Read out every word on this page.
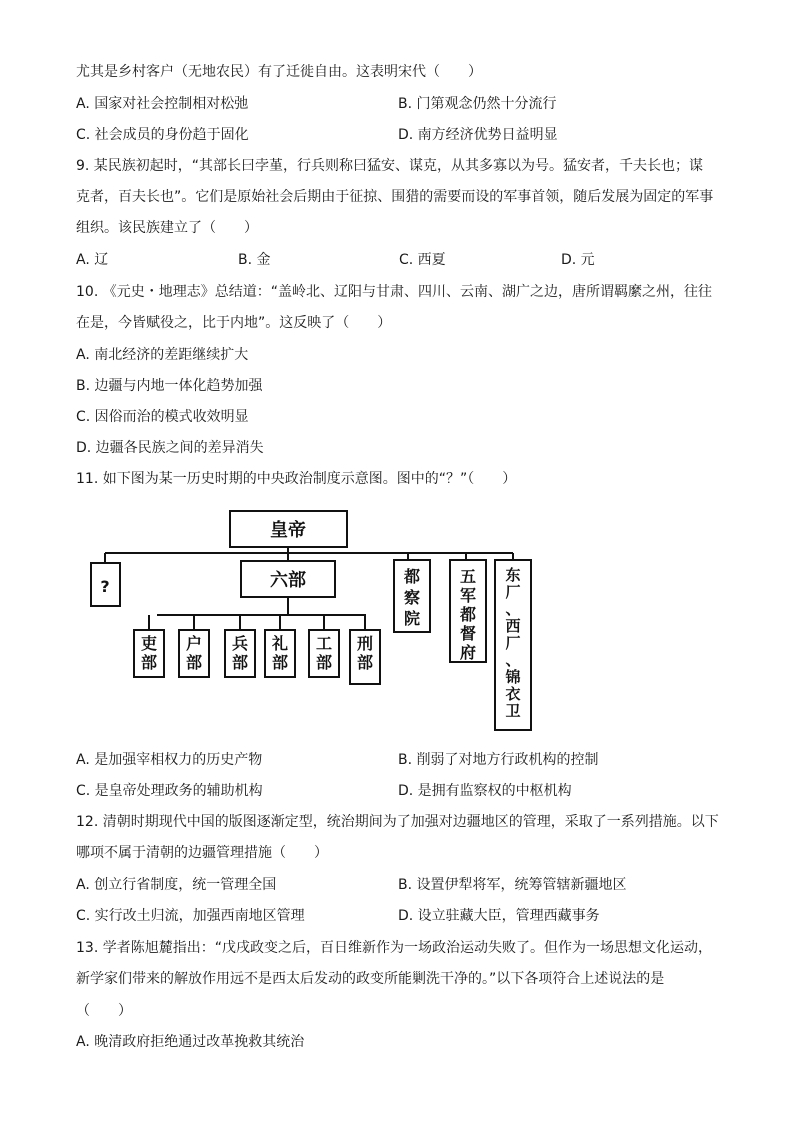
尤其是乡村客户（无地农民）有了迁徙自由。这表明宋代（　　）
A. 国家对社会控制相对松弛	B. 门第观念仍然十分流行
C. 社会成员的身份趋于固化	D. 南方经济优势日益明显
9. 某民族初起时，“其部长曰孛堇，行兵则称曰猛安、谋克，从其多寡以为号。猛安者，千夫长也；谋
克者，百夫长也”。它们是原始社会后期由于征掠、围猎的需要而设的军事首领，随后发展为固定的军事
组织。该民族建立了（　　）
A. 辽	B. 金	C. 西夏	D. 元
10. 《元史・地理志》总结道：“盖岭北、辽阳与甘肃、四川、云南、湖广之边，唐所谓羁縻之州，往往
在是，今皆赋役之，比于内地”。这反映了（　　）
A. 南北经济的差距继续扩大
B. 边疆与内地一体化趋势加强
C. 因俗而治的模式收效明显
D. 边疆各民族之间的差异消失
11. 如下图为某一历史时期的中央政治制度示意图。图中的“？”（　　）
吏部
户部
兵部
礼部
工部
刑部
皇帝
?	六部	都察院
五军都督府
东厂、西厂、锦衣卫
A. 是加强宰相权力的历史产物	B. 削弱了对地方行政机构的控制
C. 是皇帝处理政务的辅助机构	D. 是拥有监察权的中枢机构
12. 清朝时期现代中国的版图逐渐定型，统治期间为了加强对边疆地区的管理，采取了一系列措施。以下
哪项不属于清朝的边疆管理措施（　　）
A. 创立行省制度，统一管理全国	B. 设置伊犁将军，统筹管辖新疆地区
C. 实行改土归流，加强西南地区管理	D. 设立驻藏大臣，管理西藏事务
13. 学者陈旭麓指出：“戊戌政变之后，百日维新作为一场政治运动失败了。但作为一场思想文化运动，
新学家们带来的解放作用远不是西太后发动的政变所能剿洗干净的。”以下各项符合上述说法的是
（　　）
A. 晚清政府拒绝通过改革挽救其统治
